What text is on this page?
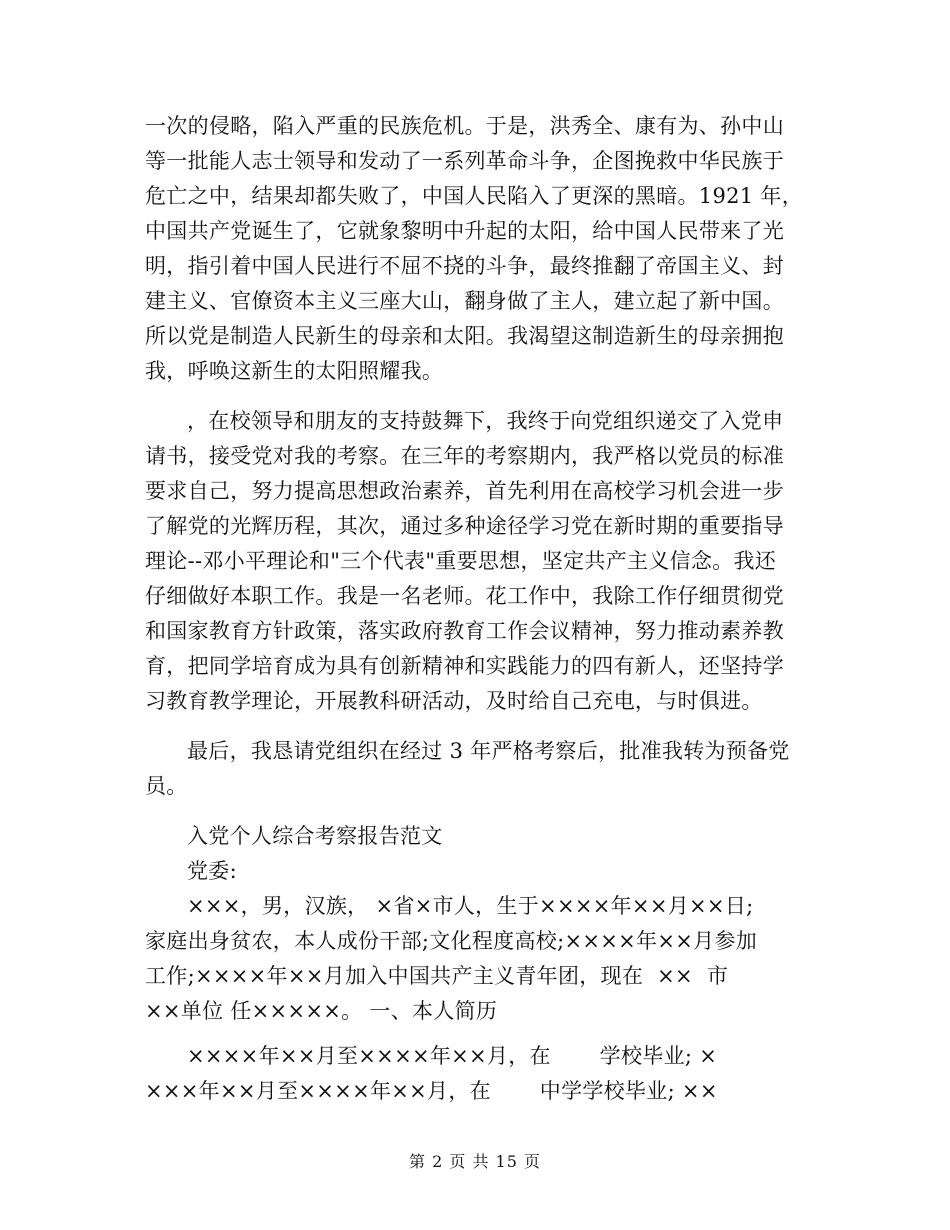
一次的侵略，陷入严重的民族危机。于是，洪秀全、康有为、孙中山
等一批能人志士领导和发动了一系列革命斗争，企图挽救中华民族于
危亡之中，结果却都失败了，中国人民陷入了更深的黑暗。1921 年，
中国共产党诞生了，它就象黎明中升起的太阳，给中国人民带来了光
明，指引着中国人民进行不屈不挠的斗争，最终推翻了帝国主义、封
建主义、官僚资本主义三座大山，翻身做了主人，建立起了新中国。
所以党是制造人民新生的母亲和太阳。我渴望这制造新生的母亲拥抱
我，呼唤这新生的太阳照耀我。
，在校领导和朋友的支持鼓舞下，我终于向党组织递交了入党申
请书，接受党对我的考察。在三年的考察期内，我严格以党员的标准
要求自己，努力提高思想政治素养，首先利用在高校学习机会进一步
了解党的光辉历程，其次，通过多种途径学习党在新时期的重要指导
理论--邓小平理论和"三个代表"重要思想，坚定共产主义信念。我还
仔细做好本职工作。我是一名老师。花工作中，我除工作仔细贯彻党
和国家教育方针政策，落实政府教育工作会议精神，努力推动素养教
育，把同学培育成为具有创新精神和实践能力的四有新人，还坚持学
习教育教学理论，开展教科研活动，及时给自己充电，与时俱进。
最后，我恳请党组织在经过 3 年严格考察后，批准我转为预备党
员。
入党个人综合考察报告范文
党委:
×××，男，汉族， ×省×市人，生于××××年××月××日;
家庭出身贫农，本人成份干部;文化程度高校;××××年××月参加
工作;××××年××月加入中国共产主义青年团，现在  ××  市
××单位 任×××××。 一、本人简历
××××年××月至××××年××月，在       学校毕业; ×
×××年××月至××××年××月，在       中学学校毕业; ××
第 2 页 共 15 页
